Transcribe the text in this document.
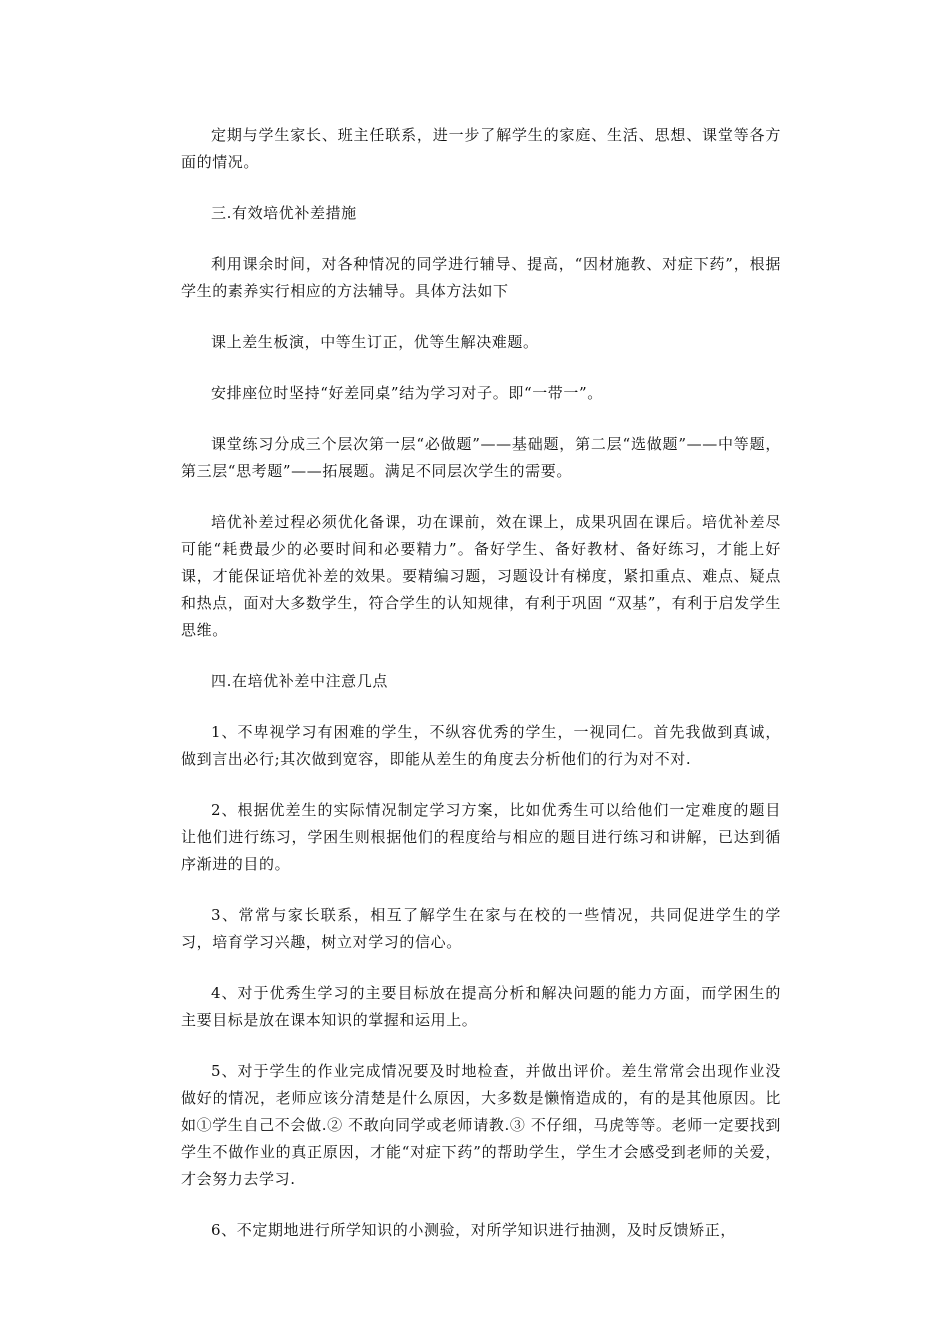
定期与学生家长、班主任联系，进一步了解学生的家庭、生活、思想、课堂等各方面的情况。

三.有效培优补差措施

利用课余时间，对各种情况的同学进行辅导、提高，“因材施教、对症下药”，根据学生的素养实行相应的方法辅导。具体方法如下

课上差生板演，中等生订正，优等生解决难题。

安排座位时坚持“好差同桌”结为学习对子。即“一带一”。

课堂练习分成三个层次第一层“必做题”——基础题，第二层“选做题”——中等题，第三层“思考题”——拓展题。满足不同层次学生的需要。

培优补差过程必须优化备课，功在课前，效在课上，成果巩固在课后。培优补差尽可能“耗费最少的必要时间和必要精力”。备好学生、备好教材、备好练习，才能上好课，才能保证培优补差的效果。要精编习题，习题设计有梯度，紧扣重点、难点、疑点和热点，面对大多数学生，符合学生的认知规律，有利于巩固 “双基”，有利于启发学生思维。

四.在培优补差中注意几点

1、不卑视学习有困难的学生，不纵容优秀的学生，一视同仁。首先我做到真诚，做到言出必行;其次做到宽容，即能从差生的角度去分析他们的行为对不对.

2、根据优差生的实际情况制定学习方案，比如优秀生可以给他们一定难度的题目让他们进行练习，学困生则根据他们的程度给与相应的题目进行练习和讲解，已达到循序渐进的目的。

3、常常与家长联系，相互了解学生在家与在校的一些情况，共同促进学生的学习，培育学习兴趣，树立对学习的信心。

4、对于优秀生学习的主要目标放在提高分析和解决问题的能力方面，而学困生的主要目标是放在课本知识的掌握和运用上。

5、对于学生的作业完成情况要及时地检查，并做出评价。差生常常会出现作业没做好的情况，老师应该分清楚是什么原因，大多数是懒惰造成的，有的是其他原因。比如①学生自己不会做.② 不敢向同学或老师请教.③ 不仔细，马虎等等。老师一定要找到学生不做作业的真正原因，才能“对症下药”的帮助学生，学生才会感受到老师的关爱，才会努力去学习.

6、不定期地进行所学知识的小测验，对所学知识进行抽测，及时反馈矫正，
